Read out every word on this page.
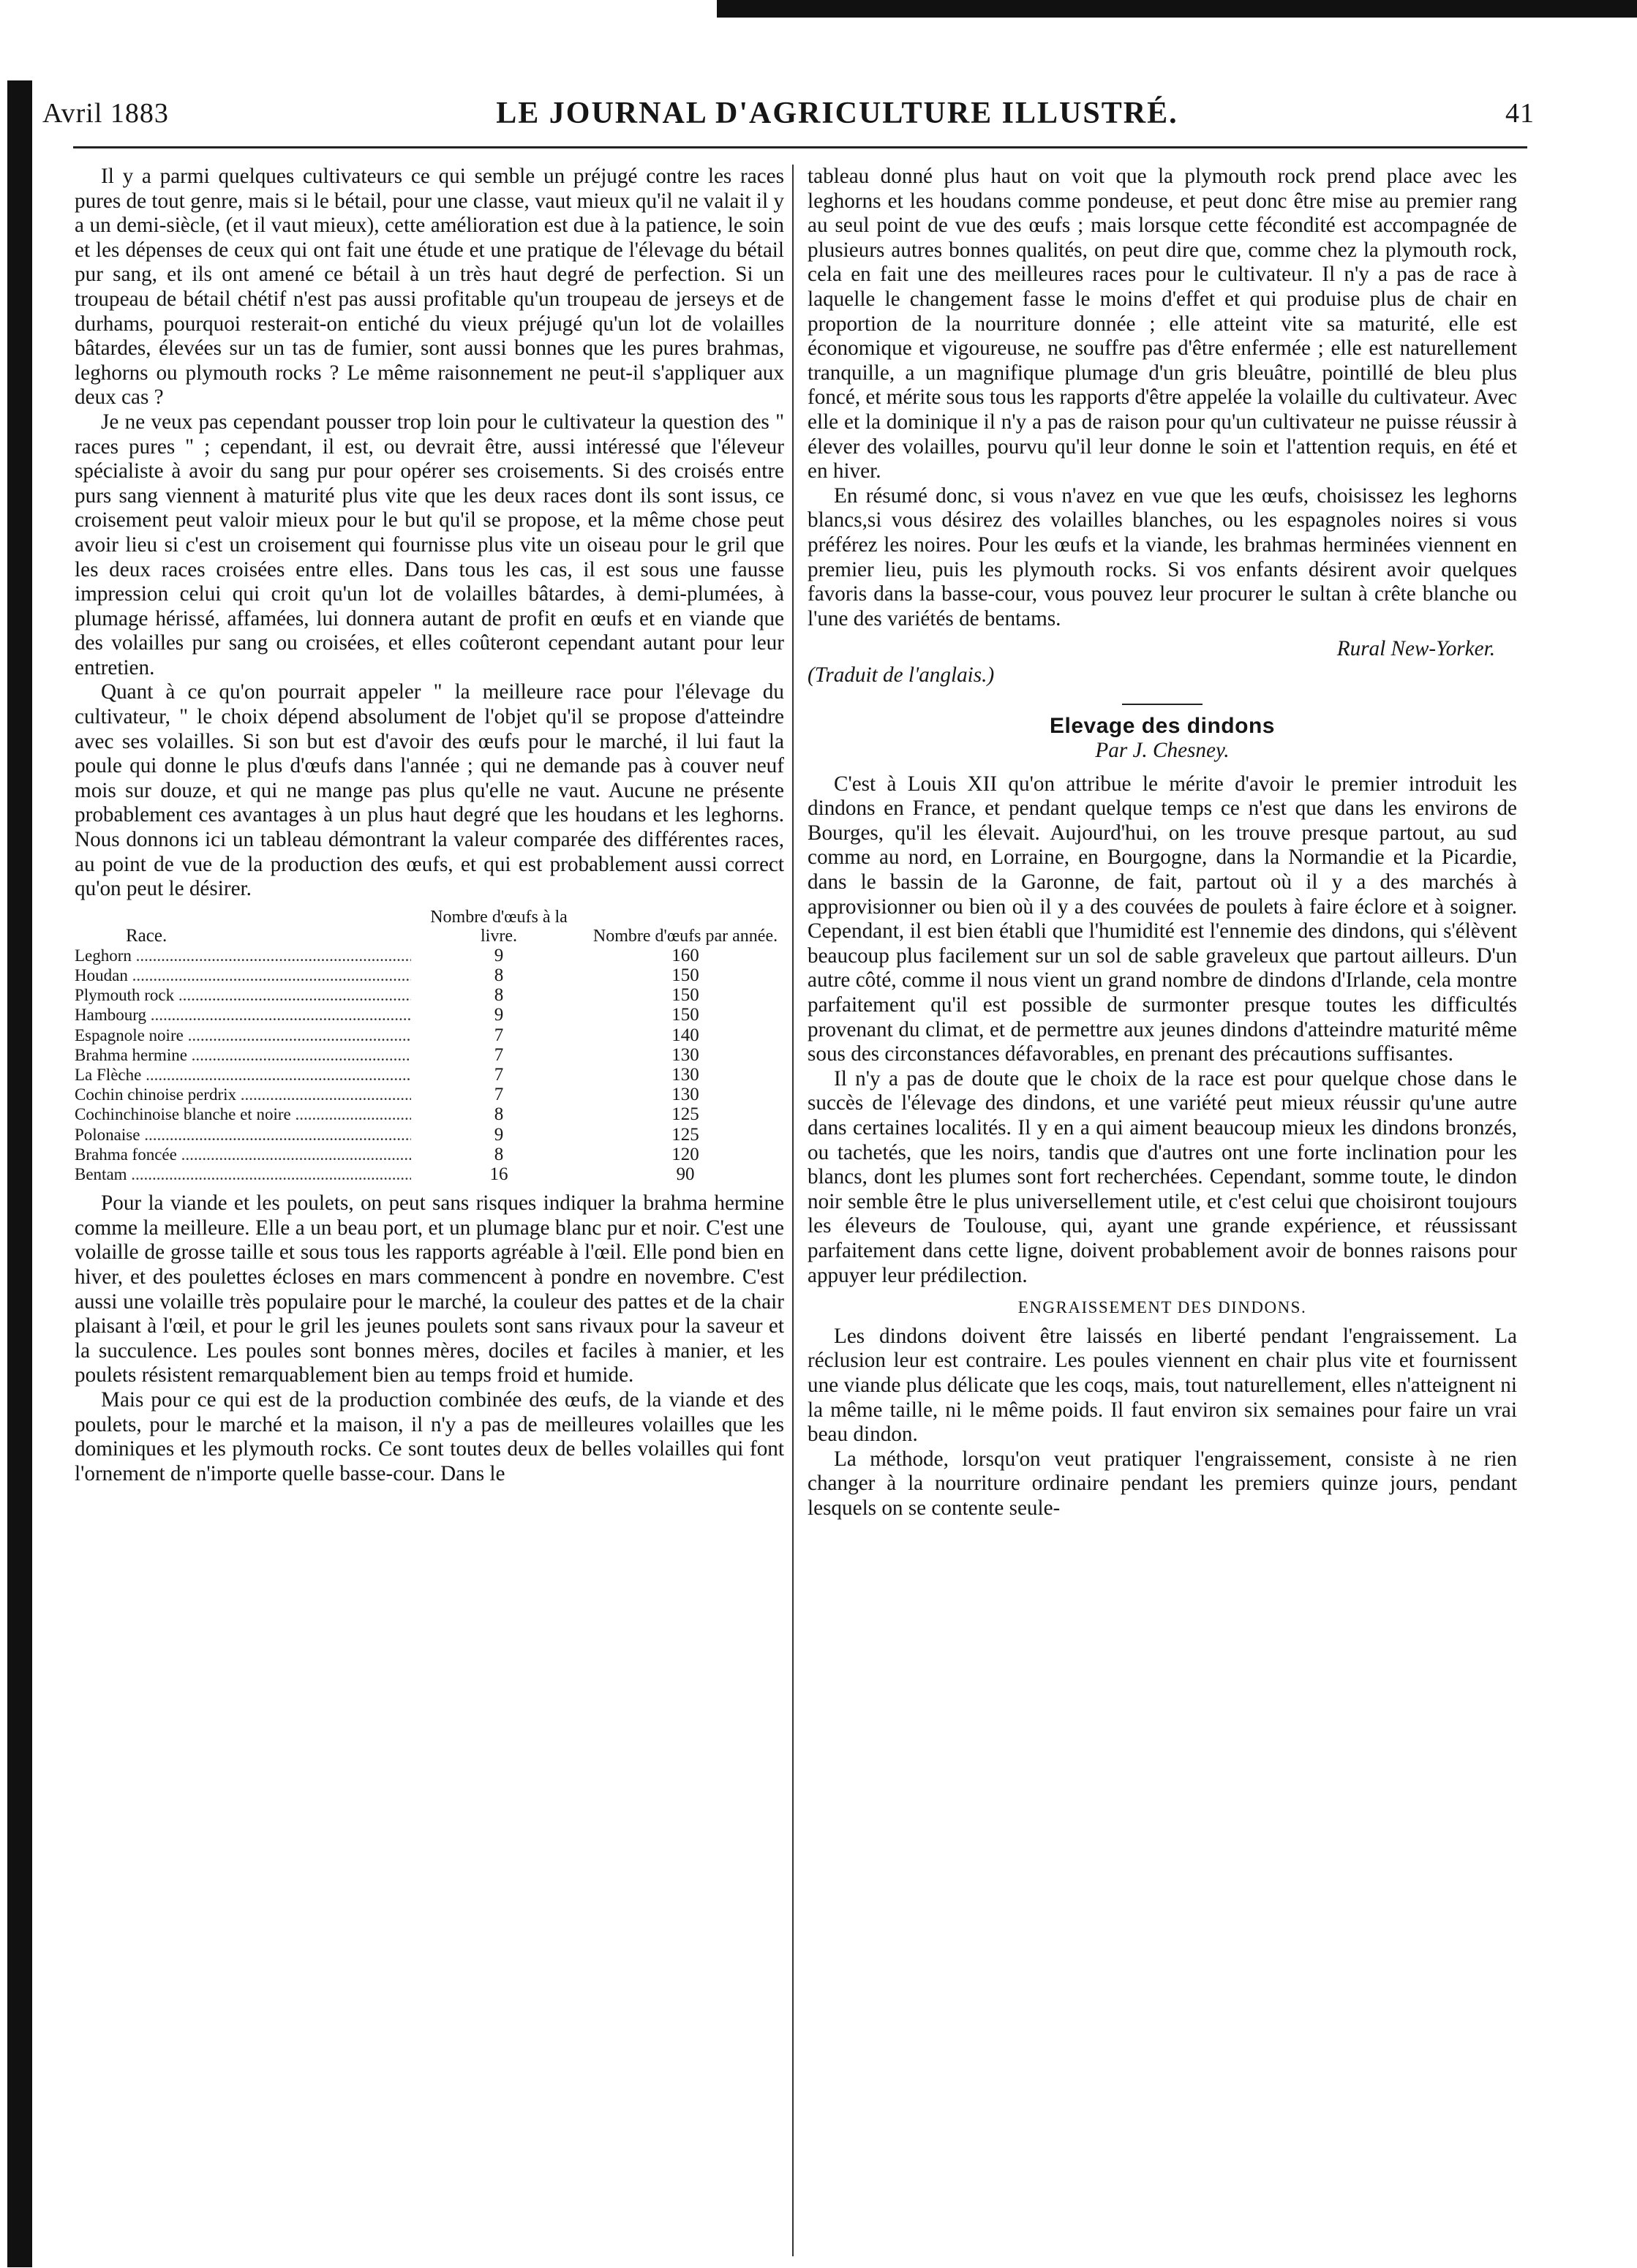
Avril 1883	LE JOURNAL D'AGRICULTURE ILLUSTRÉ.	41

Il y a parmi quelques cultivateurs ce qui semble un préjugé contre les races pures de tout genre, mais si le bétail, pour une classe, vaut mieux qu'il ne valait il y a un demi-siècle, (et il vaut mieux), cette amélioration est due à la patience, le soin et les dépenses de ceux qui ont fait une étude et une pratique de l'élevage du bétail pur sang, et ils ont amené ce bétail à un très haut degré de perfection. Si un troupeau de bétail chétif n'est pas aussi profitable qu'un troupeau de jerseys et de durhams, pourquoi resterait-on entiché du vieux préjugé qu'un lot de volailles bâtardes, élevées sur un tas de fumier, sont aussi bonnes que les pures brahmas, leghorns ou plymouth rocks ? Le même raisonnement ne peut-il s'appliquer aux deux cas ?

Je ne veux pas cependant pousser trop loin pour le cultivateur la question des " races pures " ; cependant, il est, ou devrait être, aussi intéressé que l'éleveur spécialiste à avoir du sang pur pour opérer ses croisements. Si des croisés entre purs sang viennent à maturité plus vite que les deux races dont ils sont issus, ce croisement peut valoir mieux pour le but qu'il se propose, et la même chose peut avoir lieu si c'est un croisement qui fournisse plus vite un oiseau pour le gril que les deux races croisées entre elles. Dans tous les cas, il est sous une fausse impression celui qui croit qu'un lot de volailles bâtardes, à demi-plumées, à plumage hérissé, affamées, lui donnera autant de profit en œufs et en viande que des volailles pur sang ou croisées, et elles coûteront cependant autant pour leur entretien.

Quant à ce qu'on pourrait appeler " la meilleure race pour l'élevage du cultivateur, " le choix dépend absolument de l'objet qu'il se propose d'atteindre avec ses volailles. Si son but est d'avoir des œufs pour le marché, il lui faut la poule qui donne le plus d'œufs dans l'année ; qui ne demande pas à couver neuf mois sur douze, et qui ne mange pas plus qu'elle ne vaut. Aucune ne présente probablement ces avantages à un plus haut degré que les houdans et les leghorns. Nous donnons ici un tableau démontrant la valeur comparée des différentes races, au point de vue de la production des œufs, et qui est probablement aussi correct qu'on peut le désirer.

Race.
Nombre d'œufs à la livre.	Nombre d'œufs par année.
Leghorn .....	9	160
Houdan .....	8	150
Plymouth rock .....	8	150
Hambourg .....	9	150
Espagnole noire .....	7	140
Brahma hermine .....	7	130
La Flèche .....	7	130
Cochin chinoise perdrix .....	7	130
Cochinchinoise blanche et noire .....	8	125
Polonaise .....	9	125
Brahma foncée .....	8	120
Bentam .....	16	90

Pour la viande et les poulets, on peut sans risques indiquer la brahma hermine comme la meilleure. Elle a un beau port, et un plumage blanc pur et noir. C'est une volaille de grosse taille et sous tous les rapports agréable à l'œil. Elle pond bien en hiver, et des poulettes écloses en mars commencent à pondre en novembre. C'est aussi une volaille très populaire pour le marché, la couleur des pattes et de la chair plaisant à l'œil, et pour le gril les jeunes poulets sont sans rivaux pour la saveur et la succulence. Les poules sont bonnes mères, dociles et faciles à manier, et les poulets résistent remarquablement bien au temps froid et humide.

Mais pour ce qui est de la production combinée des œufs, de la viande et des poulets, pour le marché et la maison, il n'y a pas de meilleures volailles que les dominiques et les plymouth rocks. Ce sont toutes deux de belles volailles qui font l'ornement de n'importe quelle basse-cour. Dans le

tableau donné plus haut on voit que la plymouth rock prend place avec les leghorns et les houdans comme pondeuse, et peut donc être mise au premier rang au seul point de vue des œufs ; mais lorsque cette fécondité est accompagnée de plusieurs autres bonnes qualités, on peut dire que, comme chez la plymouth rock, cela en fait une des meilleures races pour le cultivateur. Il n'y a pas de race à laquelle le changement fasse le moins d'effet et qui produise plus de chair en proportion de la nourriture donnée ; elle atteint vite sa maturité, elle est économique et vigoureuse, ne souffre pas d'être enfermée ; elle est naturellement tranquille, a un magnifique plumage d'un gris bleuâtre, pointillé de bleu plus foncé, et mérite sous tous les rapports d'être appelée la volaille du cultivateur. Avec elle et la dominique il n'y a pas de raison pour qu'un cultivateur ne puisse réussir à élever des volailles, pourvu qu'il leur donne le soin et l'attention requis, en été et en hiver.

En résumé donc, si vous n'avez en vue que les œufs, choisissez les leghorns blancs,si vous désirez des volailles blanches, ou les espagnoles noires si vous préférez les noires. Pour les œufs et la viande, les brahmas herminées viennent en premier lieu, puis les plymouth rocks. Si vos enfants désirent avoir quelques favoris dans la basse-cour, vous pouvez leur procurer le sultan à crête blanche ou l'une des variétés de bentams.

Rural New-Yorker.
(Traduit de l'anglais.)
Elevage des dindons
Par J. Chesney.

C'est à Louis XII qu'on attribue le mérite d'avoir le premier introduit les dindons en France, et pendant quelque temps ce n'est que dans les environs de Bourges, qu'il les élevait. Aujourd'hui, on les trouve presque partout, au sud comme au nord, en Lorraine, en Bourgogne, dans la Normandie et la Picardie, dans le bassin de la Garonne, de fait, partout où il y a des marchés à approvisionner ou bien où il y a des couvées de poulets à faire éclore et à soigner. Cependant, il est bien établi que l'humidité est l'ennemie des dindons, qui s'élèvent beaucoup plus facilement sur un sol de sable graveleux que partout ailleurs. D'un autre côté, comme il nous vient un grand nombre de dindons d'Irlande, cela montre parfaitement qu'il est possible de surmonter presque toutes les difficultés provenant du climat, et de permettre aux jeunes dindons d'atteindre maturité même sous des circonstances défavorables, en prenant des précautions suffisantes.

Il n'y a pas de doute que le choix de la race est pour quelque chose dans le succès de l'élevage des dindons, et une variété peut mieux réussir qu'une autre dans certaines localités. Il y en a qui aiment beaucoup mieux les dindons bronzés, ou tachetés, que les noirs, tandis que d'autres ont une forte inclination pour les blancs, dont les plumes sont fort recherchées. Cependant, somme toute, le dindon noir semble être le plus universellement utile, et c'est celui que choisiront toujours les éleveurs de Toulouse, qui, ayant une grande expérience, et réussissant parfaitement dans cette ligne, doivent probablement avoir de bonnes raisons pour appuyer leur prédilection.

ENGRAISSEMENT DES DINDONS.

Les dindons doivent être laissés en liberté pendant l'engraissement. La réclusion leur est contraire. Les poules viennent en chair plus vite et fournissent une viande plus délicate que les coqs, mais, tout naturellement, elles n'atteignent ni la même taille, ni le même poids. Il faut environ six semaines pour faire un vrai beau dindon.

La méthode, lorsqu'on veut pratiquer l'engraissement, consiste à ne rien changer à la nourriture ordinaire pendant les premiers quinze jours, pendant lesquels on se contente seule-
